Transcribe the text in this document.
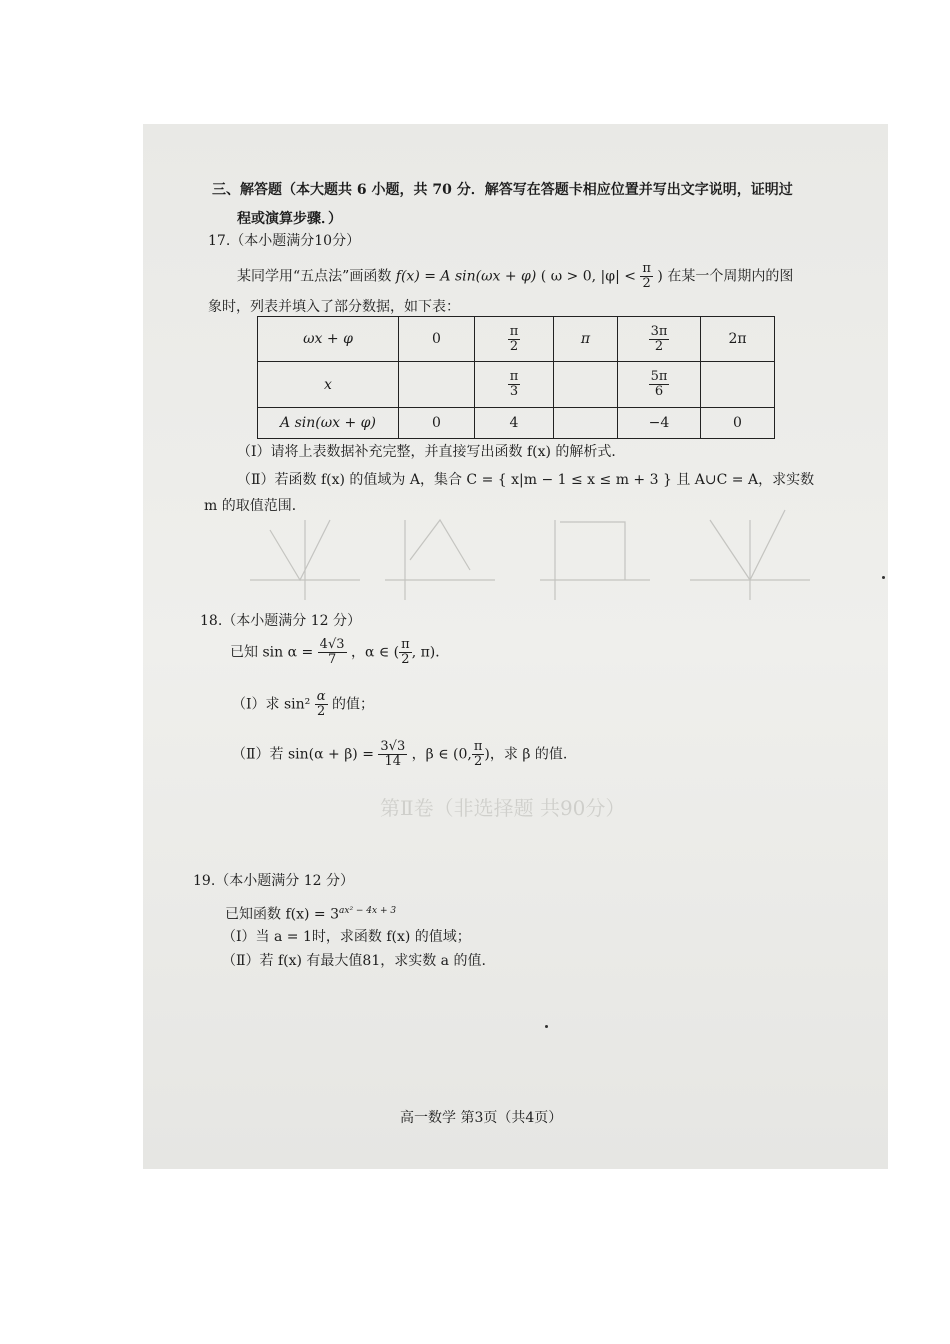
第Ⅱ卷（非选择题 共90分）
三、解答题（本大题共 6 小题，共 70 分．解答写在答题卡相应位置并写出文字说明，证明过
程或演算步骤．）
17.（本小题满分10分）
某同学用“五点法”画函数 f(x) = A sin(ωx + φ) ( ω > 0, $|\varphi| < \frac{\pi}{2}$ ) 在某一个周期内的图
象时，列表并填入了部分数据，如下表：
ωx + φ	0	$\frac{\pi}{2}$	π	$\frac{3\pi}{2}$	2π
x		$\frac{\pi}{3}$		$\frac{5\pi}{6}$

A sin(ωx + φ)	0	4		−4	0
（Ⅰ）请将上表数据补充完整，并直接写出函数 f(x) 的解析式．
（Ⅱ）若函数 f(x) 的值域为 A，集合 C = { x|m − 1 ≤ x ≤ m + 3 } 且 A∪C = A，求实数
m 的取值范围．
18.（本小题满分 12 分）
已知 $\sin \alpha = \frac{4√3}{7}$ ，α ∈ ( $\frac{\pi}{2}$ , π)．
（Ⅰ）求 $\sin^2 \frac{\alpha}{2}$ 的值；
（Ⅱ）若 $\sin(\alpha + \beta) = \frac{3√3}{14}$ ，β ∈ (0, $\frac{\pi}{2}$ )，求 β 的值.
19.（本小题满分 12 分）
已知函数 $f(x) = 3^{ax^2 - 4x + 3}$
（Ⅰ）当 a = 1时，求函数 f(x) 的值域；
（Ⅱ）若 f(x) 有最大值81，求实数 a 的值.
高一数学 第3页（共4页）
